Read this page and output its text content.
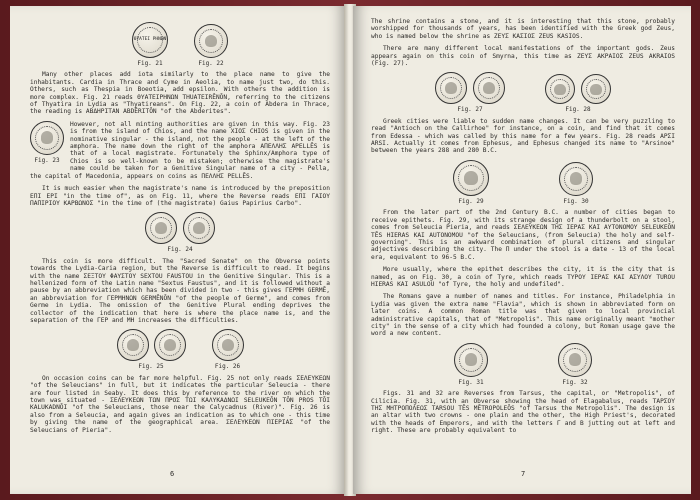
ΘΥΑΤΕΙ ΡΗΝΩΝ
Fig. 21	Fig. 22

Many other places add iota similarly to the place name to give the inhabitants. Cardia in Thrace and Cyme in Aeolia, to name just two, do this. Others, such as Thespia in Boeotia, add epsilon. With others the addition is more complex. Fig. 21 reads ΘΥΑΤΕΙΡΗΝΩΝ THUATEIRĒNŌN, referring to the citizens of Thyatira in Lydia as "Thyatireans". On Fig. 22, a coin of Abdera in Thrace, the reading is ΑΒΔΗΡΙΤΑΝ ABDĒRITŌN "of the Abderites".

Fig. 23

However, not all minting authorities are given in this way. Fig. 23 is from the island of Chios, and the name ΧΙΟΣ CHIOS is given in the nominative singular - the island, not the people - at the left of the amphora. The name down the right of the amphora ΑΠΕΛΛΗΣ APELLĒS is that of a local magistrate. Fortunately the Sphinx/Amphora type of Chios is so well-known to be mistaken; otherwise the magistrate's name could be taken for a Genitive Singular name of a city - Pella, the capital of Macedonia, appears on coins as ΠΕΛΛΗΣ PELLĒS.

It is much easier when the magistrate's name is introduced by the preposition ΕΠΙ EPI "in the time of", as on Fig. 11, where the Reverse reads ΕΠΙ ΓΑΙΟΥ ΠΑΠΙΡΙΟΥ ΚΑΡΒΩΝΟΣ "in the time of (the magistrate) Gaius Papirius Carbo".

Fig. 24

This coin is more difficult. The "Sacred Senate" on the Obverse points towards the Lydia-Caria region, but the Reverse is difficult to read. It begins with the name ΣΕΞΤΟΥ ΦΑΥΣΤΟΥ SEXTOU FAUSTOU in the Genitive Singular. This is a hellenized form of the Latin name "Sextus Faustus", and it is followed without a pause by an abbreviation which has been divided in two - this gives ΓΕΡΜΗ GERMĒ, an abbreviation for ΓΕΡΜΗΝΩΝ GERMĒNŌN "of the people of Germe", and comes from Germe in Lydia. The omission of the Genitive Plural ending deprives the collector of the indication that here is where the place name is, and the separation of the ΓΕΡ and ΜΗ increases the difficulties.

Fig. 25	Fig. 26

On occasion coins can be far more helpful. Fig. 25 not only reads ΣΕΛΕΥΚΕΩΝ "of the Seleucians" in full, but it indicates the particular Seleucia - there are four listed in Seaby. It does this by reference to the river on which the town was situated - ΣΕΛΕΥΚΕΩΝ ΤΩΝ ΠΡΟΣ ΤΩΙ ΚΑΛΥΚΑΔΝΩΙ SELEUKEŌN TŌN PROS TŌI KALUKADNŌI "of the Seleucians, those near the Calycadnus (River)". Fig. 26 is also from a Seleucia, and again gives an indication as to which one - this time by giving the name of the geographical area. ΣΕΛΕΥΚΕΩΝ ΠΙΕΡΙΑΣ "of the Seleucians of Pieria".

6

The shrine contains a stone, and it is interesting that this stone, probably worshipped for thousands of years, has been identified with the Greek god Zeus, who is named below the shrine as ΖΕΥΣ ΚΑΣΙΟΣ ZEUS KASIOS.

There are many different local manifestations of the important gods. Zeus appears again on this coin of Smyrna, this time as ΖΕΥΣ ΑΚΡΑΙΟΣ ZEUS AKRAIOS (Fig. 27).

Fig. 27	Fig. 28

Greek cities were liable to sudden name changes. It can be very puzzling to read "Antioch on the Callirhoe" for instance, on a coin, and find that it comes from Edessa - which was called by this name for a few years. Fig. 28 reads ΑΡΣΙ ARSI. Actually it comes from Ephesus, and Ephesus changed its name to "Arsinoe" between the years 288 and 280 B.C.

Fig. 29	Fig. 30

From the later part of the 2nd Century B.C. a number of cities began to receive epithets. Fig. 29, with its strange design of a thunderbolt on a stool, comes from Seleucia Pieria, and reads ΣΕΛΕΥΚΕΩΝ ΤΗΣ ΙΕΡΑΣ ΚΑΙ ΑΥΤΟΝΟΜΟΥ SELEUKEŌN TĒS HIERAS KAI AUTONOMOU "of the Seleucians, (from Seleucia) the holy and self-governing". This is an awkward combination of plural citizens and singular adjectives describing the city. The Π under the stool is a date - 13 of the local era, equivalent to 96-5 B.C.

More usually, where the epithet describes the city, it is the city that is named, as on Fig. 30, a coin of Tyre, which reads ΤΥΡΟΥ ΙΕΡΑΣ ΚΑΙ ΑΣΥΛΟΥ TUROU HIERAS KAI ASULOU "of Tyre, the holy and undefiled".

The Romans gave a number of names and titles. For instance, Philadelphia in Lydia was given the extra name "Flavia", which is shown in abbreviated form on later coins. A common Roman title was that given to local provincial administrative capitals, that of "Metropolis". This name originally meant "mother city" in the sense of a city which had founded a colony, but Roman usage gave the word a new content.

Fig. 31	Fig. 32

Figs. 31 and 32 are Reverses from Tarsus, the capital, or "Metropolis", of Cilicia. Fig. 31, with an Obverse showing the head of Elagabalus, reads ΤΑΡΣΟΥ ΤΗΣ ΜΗΤΡΟΠΟΛΕΩΣ TARSOU TĒS MĒTROPOLEŌS "of Tarsus the Metropolis". The design is an altar with two crowns - one plain and the other, the High Priest's, decorated with the heads of Emperors, and with the letters Γ and Β jutting out at left and right. These are probably equivalent to

7
